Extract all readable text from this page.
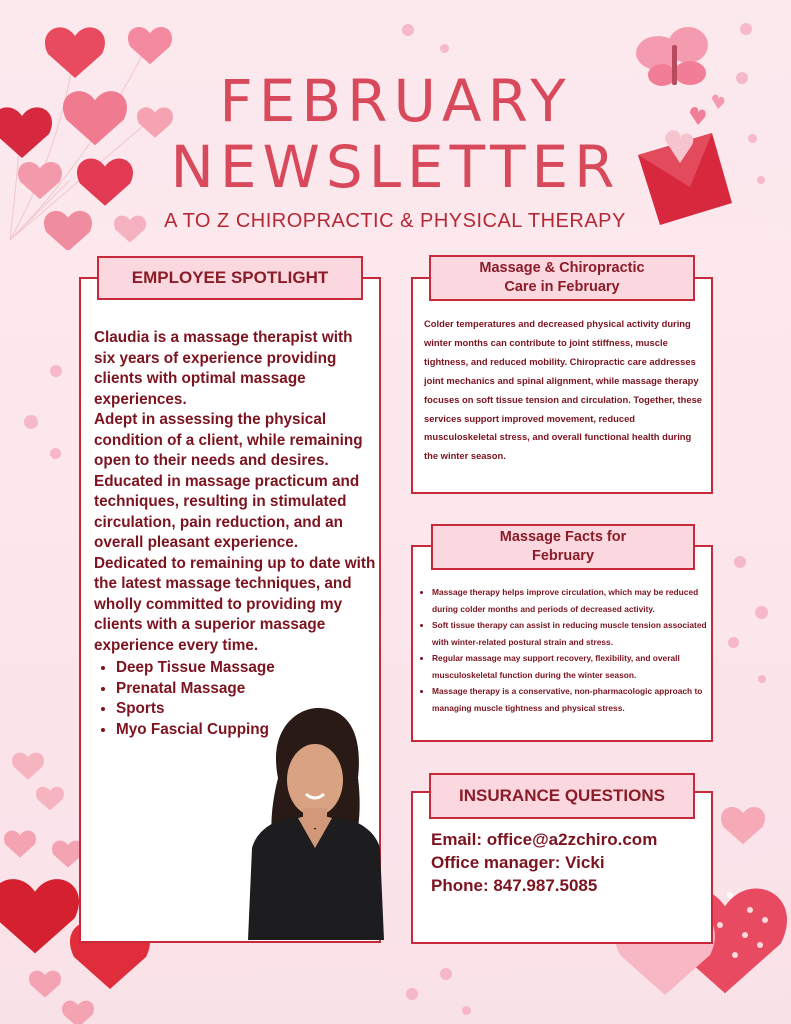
FEBRUARY
NEWSLETTER
A TO Z CHIROPRACTIC & PHYSICAL THERAPY
EMPLOYEE SPOTLIGHT

Claudia is a massage therapist with six years of experience providing clients with optimal massage experiences.

Adept in assessing the physical condition of a client, while remaining open to their needs and desires.

Educated in massage practicum and techniques, resulting in stimulated circulation, pain reduction, and an overall pleasant experience.

Dedicated to remaining up to date with the latest massage techniques, and wholly committed to providing my clients with a superior massage experience every time.

• Deep Tissue Massage
• Prenatal Massage
• Sports
• Myo Fascial Cupping
Massage & Chiropractic
Care in February
Colder temperatures and decreased physical activity during winter months can contribute to joint stiffness, muscle tightness, and reduced mobility. Chiropractic care addresses joint mechanics and spinal alignment, while massage therapy focuses on soft tissue tension and circulation. Together, these services support improved movement, reduced musculoskeletal stress, and overall functional health during the winter season.
Massage Facts for
February
• Massage therapy helps improve circulation, which may be reduced during colder months and periods of decreased activity.
• Soft tissue therapy can assist in reducing muscle tension associated with winter-related postural strain and stress.
• Regular massage may support recovery, flexibility, and overall musculoskeletal function during the winter season.
• Massage therapy is a conservative, non-pharmacologic approach to managing muscle tightness and physical stress.
INSURANCE QUESTIONS
Email: office@a2zchiro.com
Office manager: Vicki
Phone: 847.987.5085
